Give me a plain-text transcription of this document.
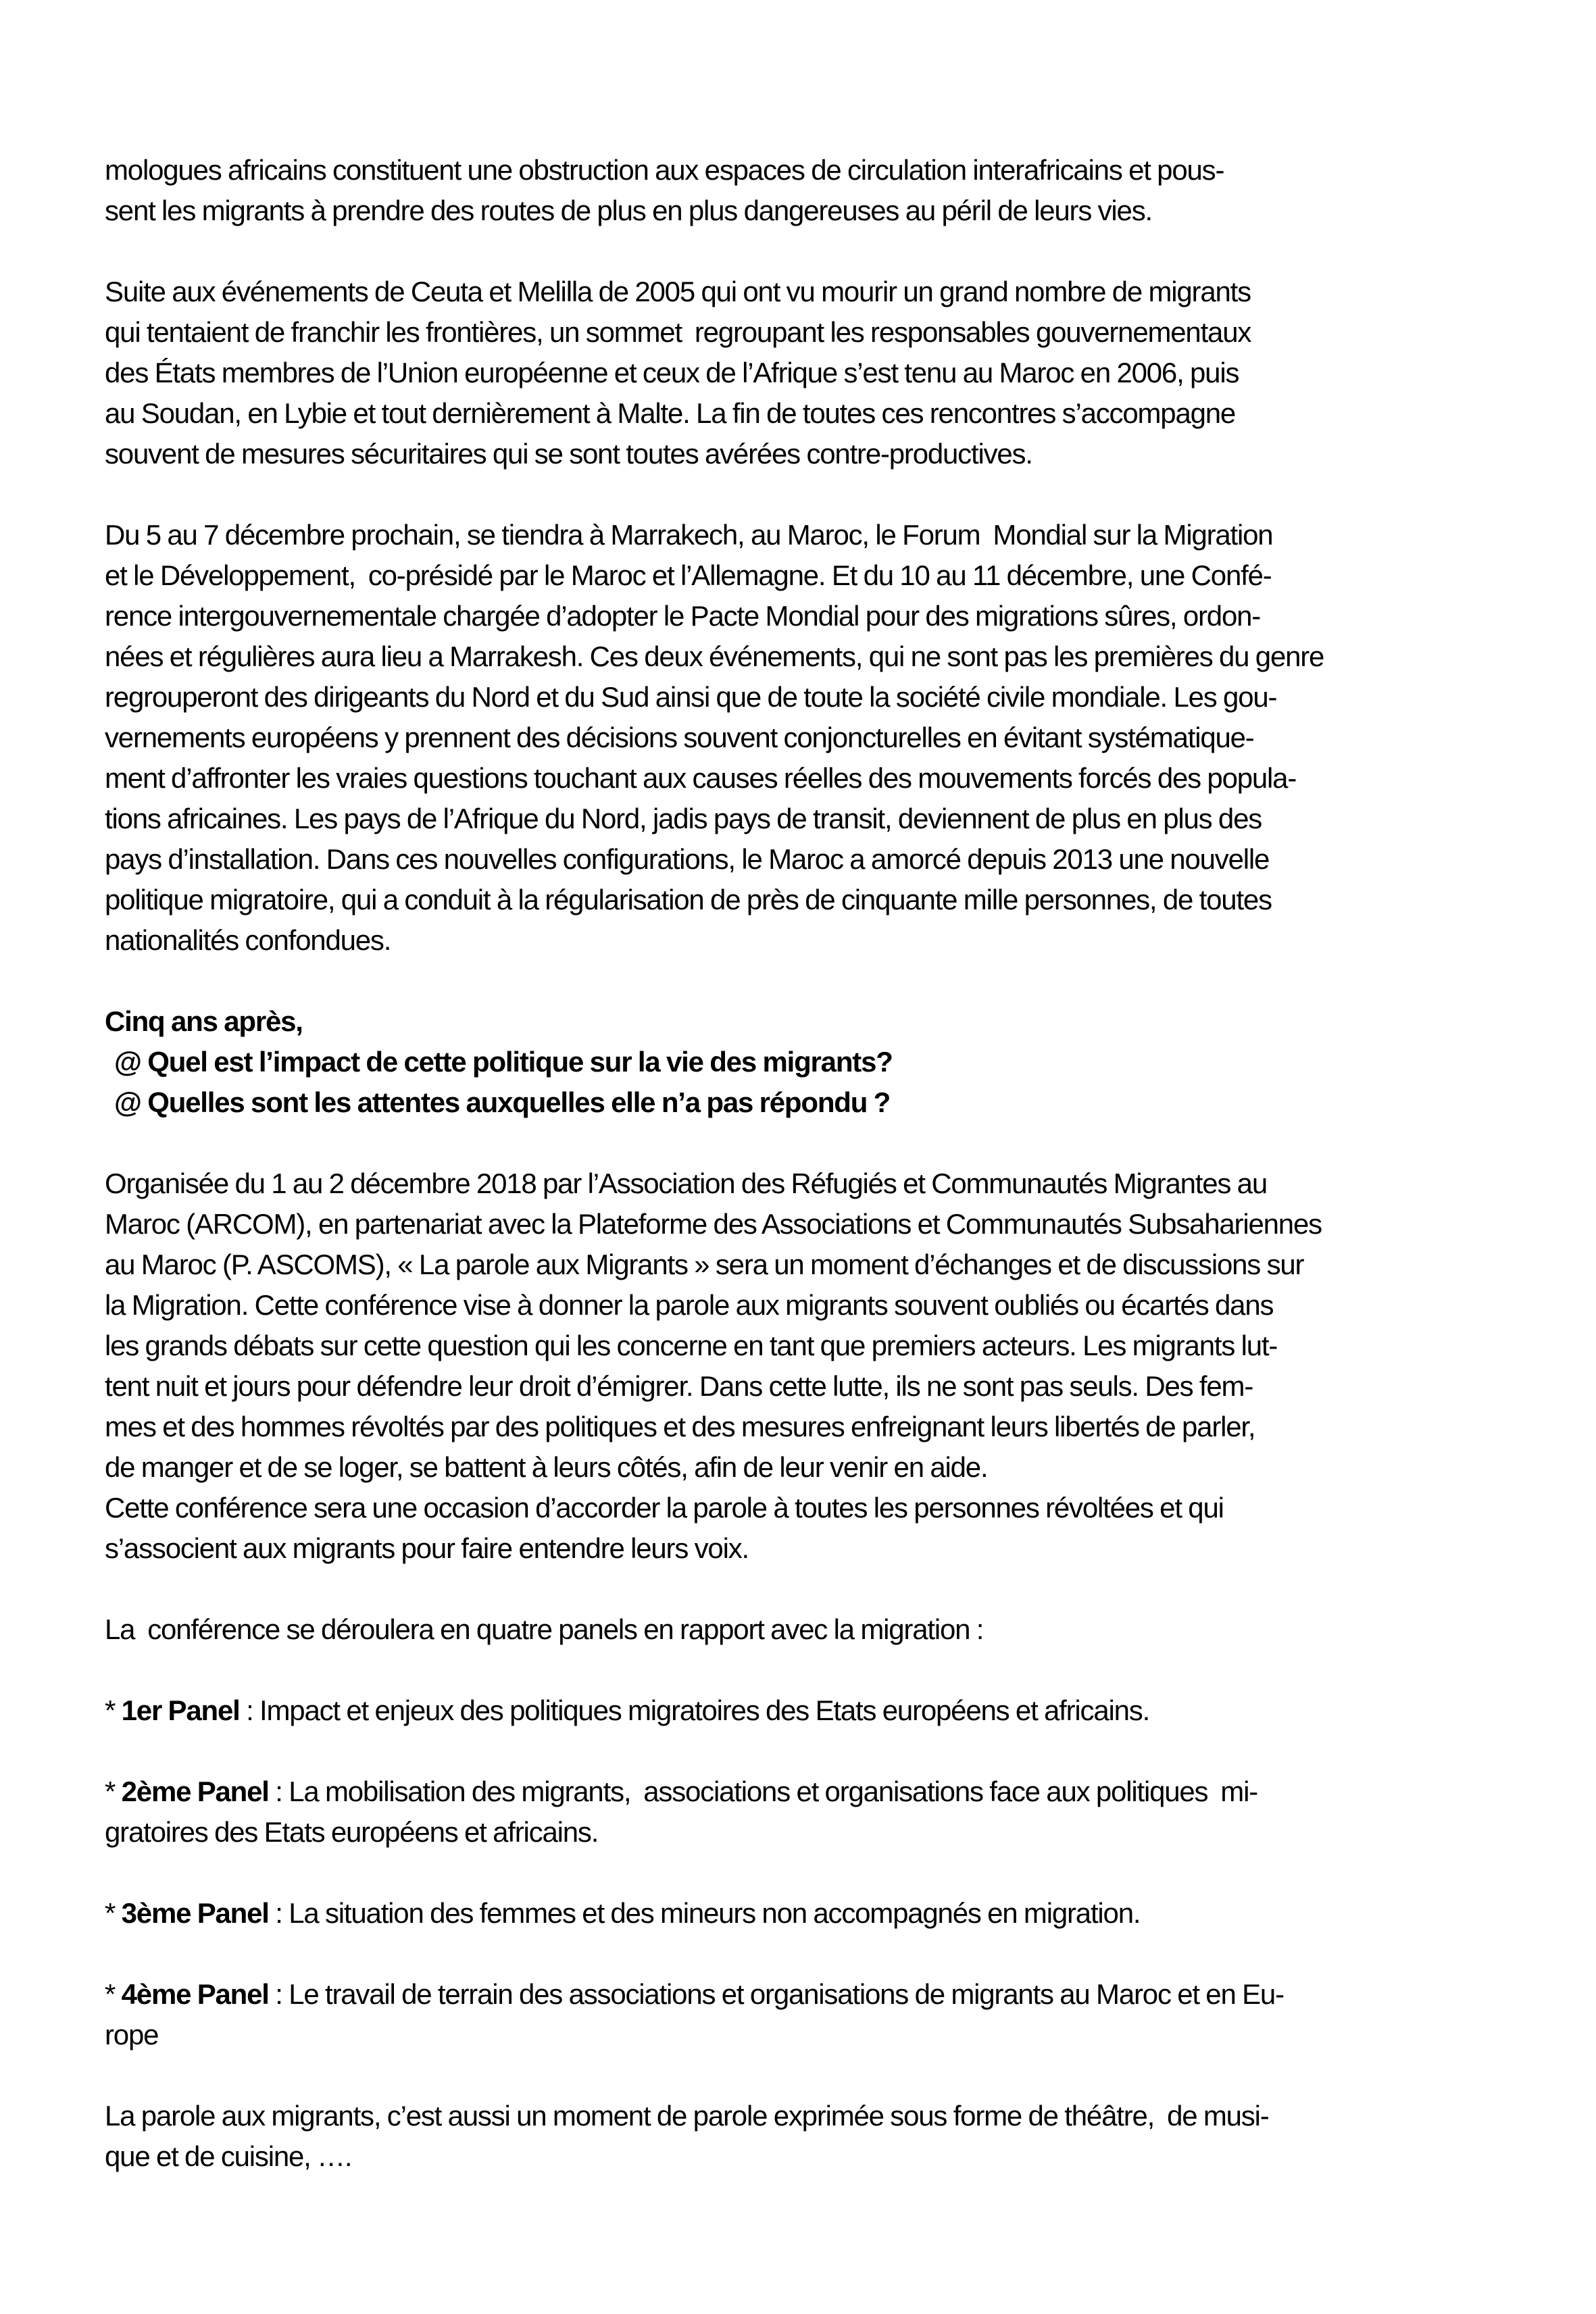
mologues africains constituent une obstruction aux espaces de circulation interafricains et pous-
sent les migrants à prendre des routes de plus en plus dangereuses au péril de leurs vies.
Suite aux événements de Ceuta et Melilla de 2005 qui ont vu mourir un grand nombre de migrants
qui tentaient de franchir les frontières, un sommet  regroupant les responsables gouvernementaux
des États membres de l’Union européenne et ceux de l’Afrique s’est tenu au Maroc en 2006, puis
au Soudan, en Lybie et tout dernièrement à Malte. La fin de toutes ces rencontres s’accompagne
souvent de mesures sécuritaires qui se sont toutes avérées contre-productives.
Du 5 au 7 décembre prochain, se tiendra à Marrakech, au Maroc, le Forum  Mondial sur la Migration
et le Développement,  co-présidé par le Maroc et l’Allemagne. Et du 10 au 11 décembre, une Confé-
rence intergouvernementale chargée d’adopter le Pacte Mondial pour des migrations sûres, ordon-
nées et régulières aura lieu a Marrakesh. Ces deux événements, qui ne sont pas les premières du genre
regrouperont des dirigeants du Nord et du Sud ainsi que de toute la société civile mondiale. Les gou-
vernements européens y prennent des décisions souvent conjoncturelles en évitant systématique-
ment d’affronter les vraies questions touchant aux causes réelles des mouvements forcés des popula-
tions africaines. Les pays de l’Afrique du Nord, jadis pays de transit, deviennent de plus en plus des
pays d’installation. Dans ces nouvelles configurations, le Maroc a amorcé depuis 2013 une nouvelle
politique migratoire, qui a conduit à la régularisation de près de cinquante mille personnes, de toutes
nationalités confondues.
Cinq ans après,
@ Quel est l’impact de cette politique sur la vie des migrants?
@ Quelles sont les attentes auxquelles elle n’a pas répondu ?
Organisée du 1 au 2 décembre 2018 par l’Association des Réfugiés et Communautés Migrantes au
Maroc (ARCOM), en partenariat avec la Plateforme des Associations et Communautés Subsahariennes
au Maroc (P. ASCOMS), « La parole aux Migrants » sera un moment d’échanges et de discussions sur
la Migration. Cette conférence vise à donner la parole aux migrants souvent oubliés ou écartés dans
les grands débats sur cette question qui les concerne en tant que premiers acteurs. Les migrants lut-
tent nuit et jours pour défendre leur droit d’émigrer. Dans cette lutte, ils ne sont pas seuls. Des fem-
mes et des hommes révoltés par des politiques et des mesures enfreignant leurs libertés de parler,
de manger et de se loger, se battent à leurs côtés, afin de leur venir en aide.
Cette conférence sera une occasion d’accorder la parole à toutes les personnes révoltées et qui
s’associent aux migrants pour faire entendre leurs voix.
La  conférence se déroulera en quatre panels en rapport avec la migration :
* 1er Panel : Impact et enjeux des politiques migratoires des Etats européens et africains.
* 2ème Panel : La mobilisation des migrants,  associations et organisations face aux politiques  mi-
gratoires des Etats européens et africains.
* 3ème Panel : La situation des femmes et des mineurs non accompagnés en migration.
* 4ème Panel : Le travail de terrain des associations et organisations de migrants au Maroc et en Eu-
rope
La parole aux migrants, c’est aussi un moment de parole exprimée sous forme de théâtre,  de musi-
que et de cuisine, ….
